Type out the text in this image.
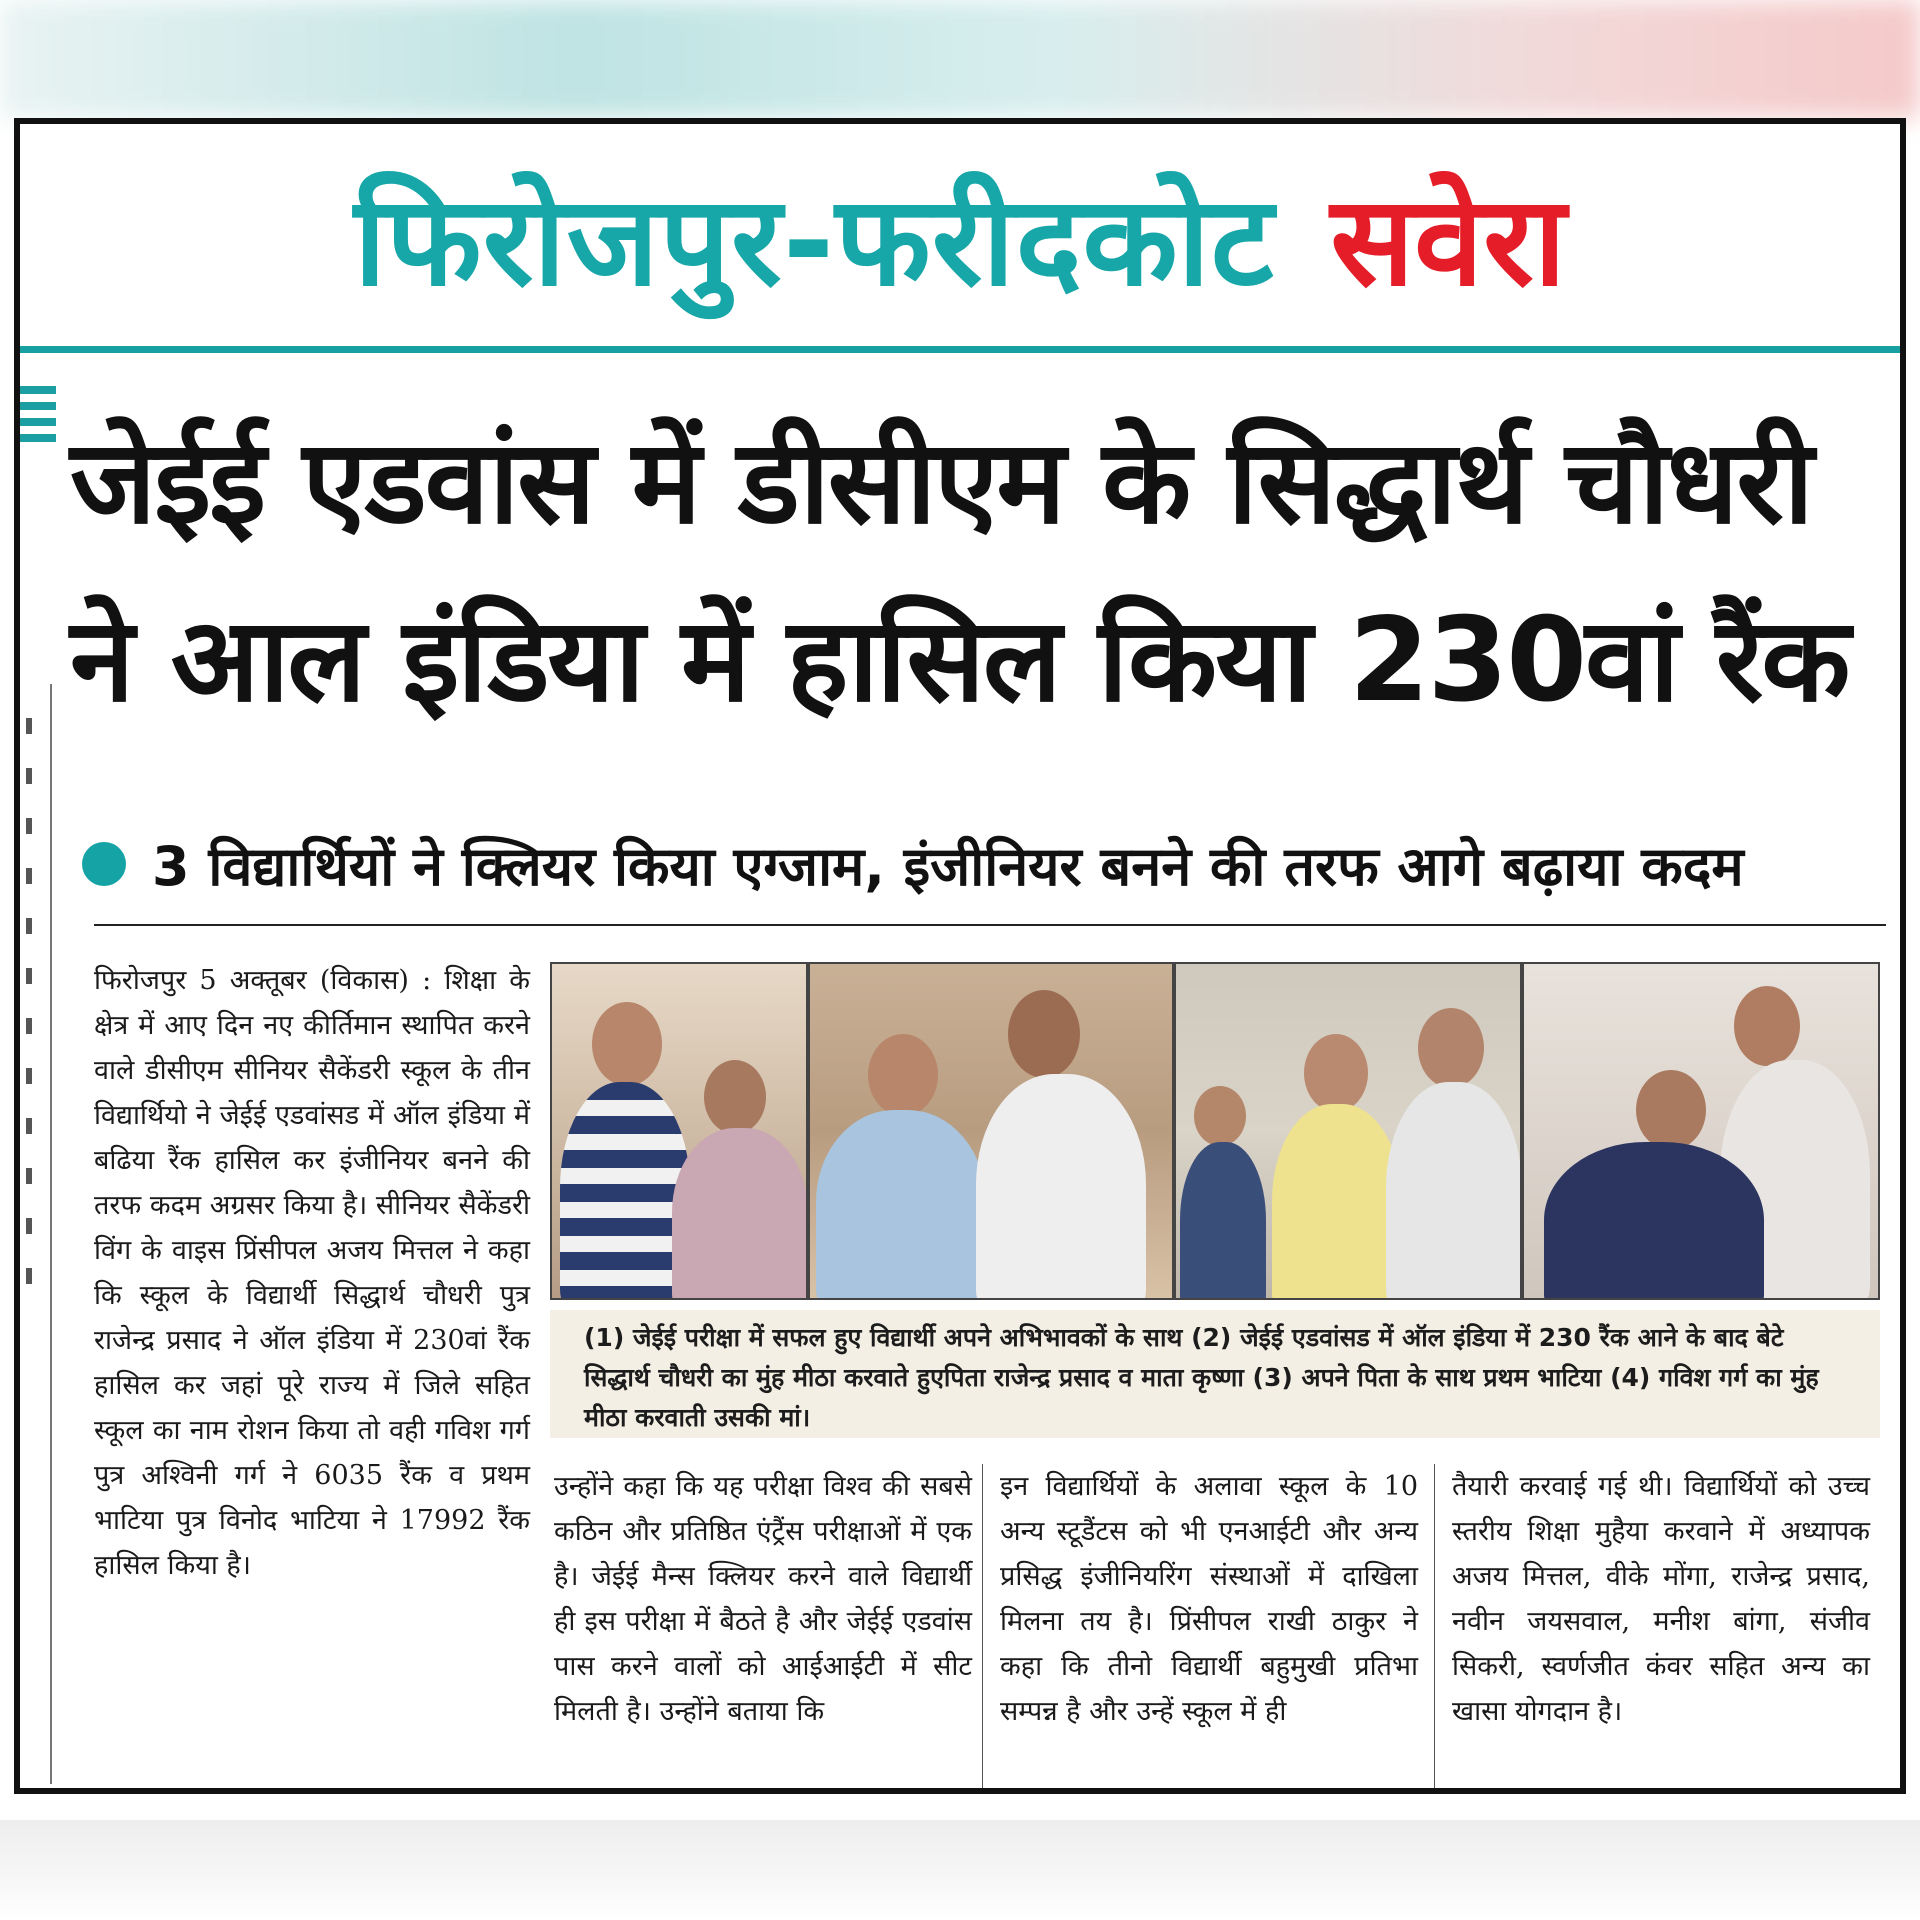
फिरोजपुर-फरीदकोट सवेरा
जेईई एडवांस में डीसीएम के सिद्धार्थ चौधरी
ने आल इंडिया में हासिल किया 230वां रैंक
3 विद्यार्थियों ने क्लियर किया एग्जाम, इंजीनियर बनने की तरफ आगे बढ़ाया कदम
(1) जेईई परीक्षा में सफल हुए विद्यार्थी अपने अभिभावकों के साथ (2) जेईई एडवांसड में ऑल इंडिया में 230 रैंक आने के बाद बेटे सिद्धार्थ चौधरी का मुंह मीठा करवाते हुएपिता राजेन्द्र प्रसाद व माता कृष्णा (3) अपने पिता के साथ प्रथम भाटिया (4) गविश गर्ग का मुंह मीठा करवाती उसकी मां।
फिरोजपुर 5 अक्तूबर (विकास) : शिक्षा के क्षेत्र में आए दिन नए कीर्तिमान स्थापित करने वाले डीसीएम सीनियर सैकेंडरी स्कूल के तीन विद्यार्थियो ने जेईई एडवांसड में ऑल इंडिया में बढिया रैंक हासिल कर इंजीनियर बनने की तरफ कदम अग्रसर किया है। सीनियर सैकेंडरी विंग के वाइस प्रिंसीपल अजय मित्तल ने कहा कि स्कूल के विद्यार्थी सिद्धार्थ चौधरी पुत्र राजेन्द्र प्रसाद ने ऑल इंडिया में 230वां रैंक हासिल कर जहां पूरे राज्य में जिले सहित स्कूल का नाम रोशन किया तो वही गविश गर्ग पुत्र अश्विनी गर्ग ने 6035 रैंक व प्रथम भाटिया पुत्र विनोद भाटिया ने 17992 रैंक हासिल किया है।
उन्होंने कहा कि यह परीक्षा विश्व की सबसे कठिन और प्रतिष्ठित एंट्रैंस परीक्षाओं में एक है। जेईई मैन्स क्लियर करने वाले विद्यार्थी ही इस परीक्षा में बैठते है और जेईई एडवांस पास करने वालों को आईआईटी में सीट मिलती है। उन्होंने बताया कि
इन विद्यार्थियों के अलावा स्कूल के 10 अन्य स्टूडैंटस को भी एनआईटी और अन्य प्रसिद्ध इंजीनियरिंग संस्थाओं में दाखिला मिलना तय है। प्रिंसीपल राखी ठाकुर ने कहा कि तीनो विद्यार्थी बहुमुखी प्रतिभा सम्पन्न है और उन्हें स्कूल में ही
तैयारी करवाई गई थी। विद्यार्थियों को उच्च स्तरीय शिक्षा मुहैया करवाने में अध्यापक अजय मित्तल, वीके मोंगा, राजेन्द्र प्रसाद, नवीन जयसवाल, मनीश बांगा, संजीव सिकरी, स्वर्णजीत कंवर सहित अन्य का खासा योगदान है।
